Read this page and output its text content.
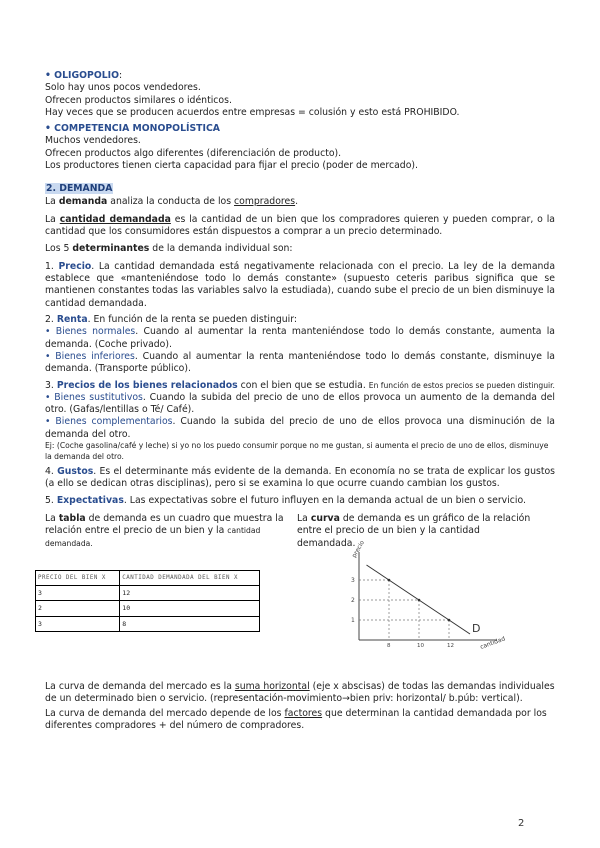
• OLIGOPOLIO:

Solo hay unos pocos vendedores.

Ofrecen productos similares o idénticos.

Hay veces que se producen acuerdos entre empresas = colusión y esto está PROHIBIDO.

• COMPETENCIA MONOPOLÍSTICA

Muchos vendedores.

Ofrecen productos algo diferentes (diferenciación de producto).

Los productores tienen cierta capacidad para fijar el precio (poder de mercado).

2. DEMANDA

La demanda analiza la conducta de los compradores.

La cantidad demandada es la cantidad de un bien que los compradores quieren y pueden comprar, o la cantidad que los consumidores están dispuestos a comprar a un precio determinado.

Los 5 determinantes de la demanda individual son:

1. Precio. La cantidad demandada está negativamente relacionada con el precio. La ley de la demanda establece que «manteniéndose todo lo demás constante» (supuesto ceteris paribus significa que se mantienen constantes todas las variables salvo la estudiada), cuando sube el precio de un bien disminuye la cantidad demandada.

2. Renta. En función de la renta se pueden distinguir:

• Bienes normales. Cuando al aumentar la renta manteniéndose todo lo demás constante, aumenta la demanda. (Coche privado).

• Bienes inferiores. Cuando al aumentar la renta manteniéndose todo lo demás constante, disminuye la demanda. (Transporte público).

3. Precios de los bienes relacionados con el bien que se estudia. En función de estos precios se pueden distinguir.

• Bienes sustitutivos. Cuando la subida del precio de uno de ellos provoca un aumento de la demanda del otro. (Gafas/lentillas o Té/ Café).

• Bienes complementarios. Cuando la subida del precio de uno de ellos provoca una disminución de la demanda del otro.

Ej: (Coche gasolina/café y leche) si yo no los puedo consumir porque no me gustan, si aumenta el precio de uno de ellos, disminuye la demanda del otro.

4. Gustos. Es el determinante más evidente de la demanda. En economía no se trata de explicar los gustos (a ello se dedican otras disciplinas), pero si se examina lo que ocurre cuando cambian los gustos.

5. Expectativas. Las expectativas sobre el futuro influyen en la demanda actual de un bien o servicio.

La tabla de demanda es un cuadro que muestra la relación entre el precio de un bien y la cantidad demandada.

PRECIO DEL BIEN X	CANTIDAD DEMANDADA DEL BIEN X
3	12
2	10
3	8

La curva de demanda es un gráfico de la relación entre el precio de un bien y la cantidad demandada.

precio
cantidad
3
2
1
8	10	12
D

La curva de demanda del mercado es la suma horizontal (eje x abscisas) de todas las demandas individuales de un determinado bien o servicio. (representación-movimiento→bien priv: horizontal/ b.púb: vertical).

La curva de demanda del mercado depende de los factores que determinan la cantidad demandada por los diferentes compradores + del número de compradores.

2
